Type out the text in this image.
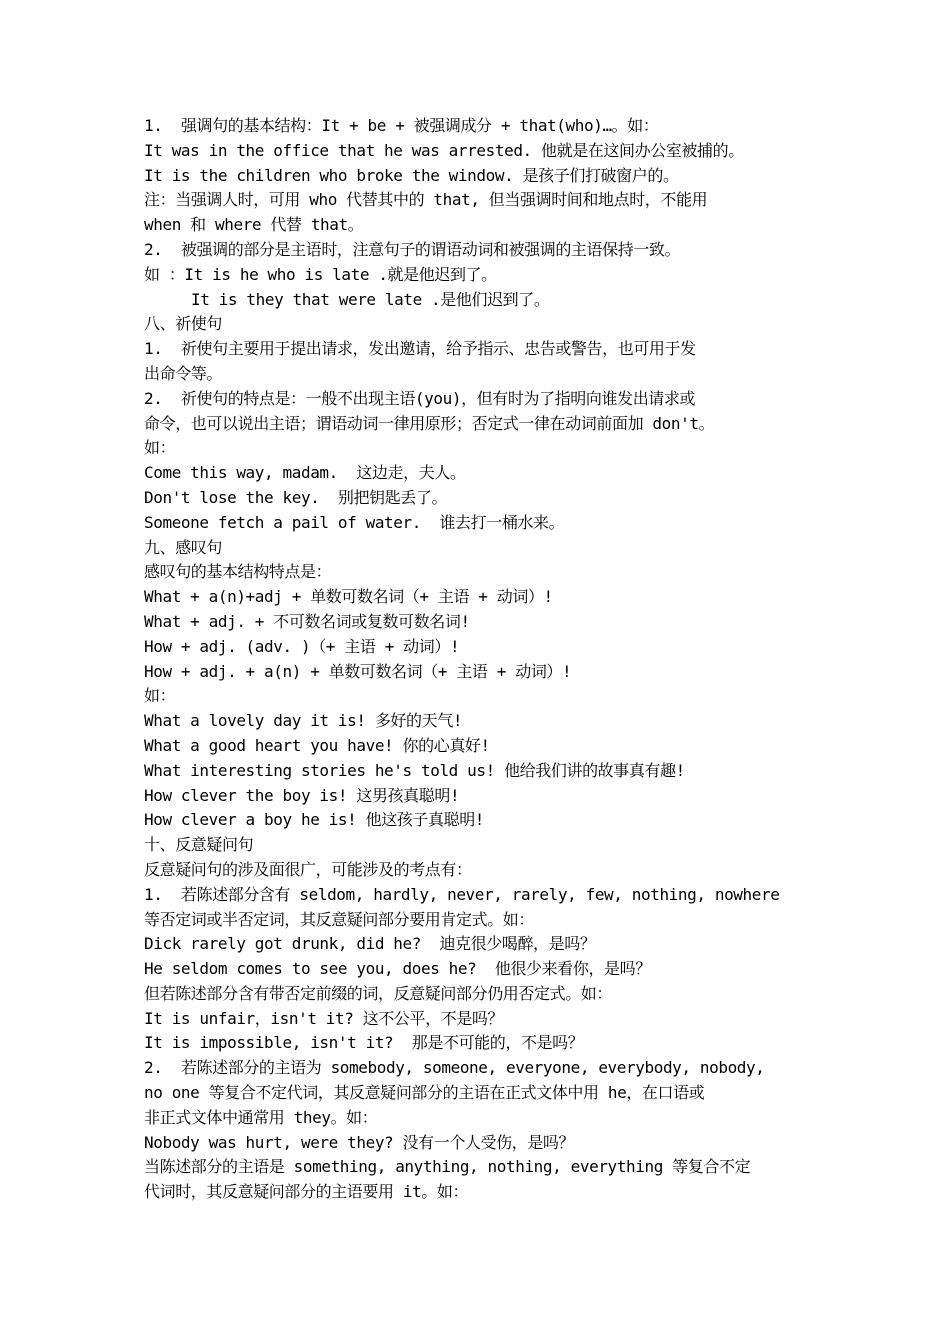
1.  强调句的基本结构：It + be + 被强调成分 + that(who)…。如：
It was in the office that he was arrested. 他就是在这间办公室被捕的。
It is the children who broke the window. 是孩子们打破窗户的。
注：当强调人时，可用 who 代替其中的 that, 但当强调时间和地点时，不能用
when 和 where 代替 that。
2.  被强调的部分是主语时，注意句子的谓语动词和被强调的主语保持一致。
如 ：It is he who is late .就是他迟到了。
It is they that were late .是他们迟到了。
八、祈使句
1.  祈使句主要用于提出请求，发出邀请，给予指示、忠告或警告，也可用于发
出命令等。
2.  祈使句的特点是：一般不出现主语(you)，但有时为了指明向谁发出请求或
命令，也可以说出主语；谓语动词一律用原形；否定式一律在动词前面加 don't。
如：
Come this way, madam.  这边走，夫人。
Don't lose the key.  别把钥匙丢了。
Someone fetch a pail of water.  谁去打一桶水来。
九、感叹句
感叹句的基本结构特点是：
What + a(n)+adj + 单数可数名词（+ 主语 + 动词）!
What + adj. + 不可数名词或复数可数名词!
How + adj. (adv. )（+ 主语 + 动词）!
How + adj. + a(n) + 单数可数名词（+ 主语 + 动词）!
如：
What a lovely day it is! 多好的天气!
What a good heart you have! 你的心真好!
What interesting stories he's told us! 他给我们讲的故事真有趣!
How clever the boy is! 这男孩真聪明!
How clever a boy he is! 他这孩子真聪明!
十、反意疑问句
反意疑问句的涉及面很广，可能涉及的考点有：
1.  若陈述部分含有 seldom, hardly, never, rarely, few, nothing, nowhere
等否定词或半否定词，其反意疑问部分要用肯定式。如：
Dick rarely got drunk, did he?  迪克很少喝醉，是吗？
He seldom comes to see you, does he?  他很少来看你，是吗？
但若陈述部分含有带否定前缀的词，反意疑问部分仍用否定式。如：
It is unfair，isn't it? 这不公平，不是吗？
It is impossible, isn't it?  那是不可能的，不是吗？
2.  若陈述部分的主语为 somebody, someone, everyone, everybody, nobody,
no one 等复合不定代词，其反意疑问部分的主语在正式文体中用 he，在口语或
非正式文体中通常用 they。如：
Nobody was hurt, were they? 没有一个人受伤，是吗？
当陈述部分的主语是 something, anything, nothing, everything 等复合不定
代词时，其反意疑问部分的主语要用 it。如：
